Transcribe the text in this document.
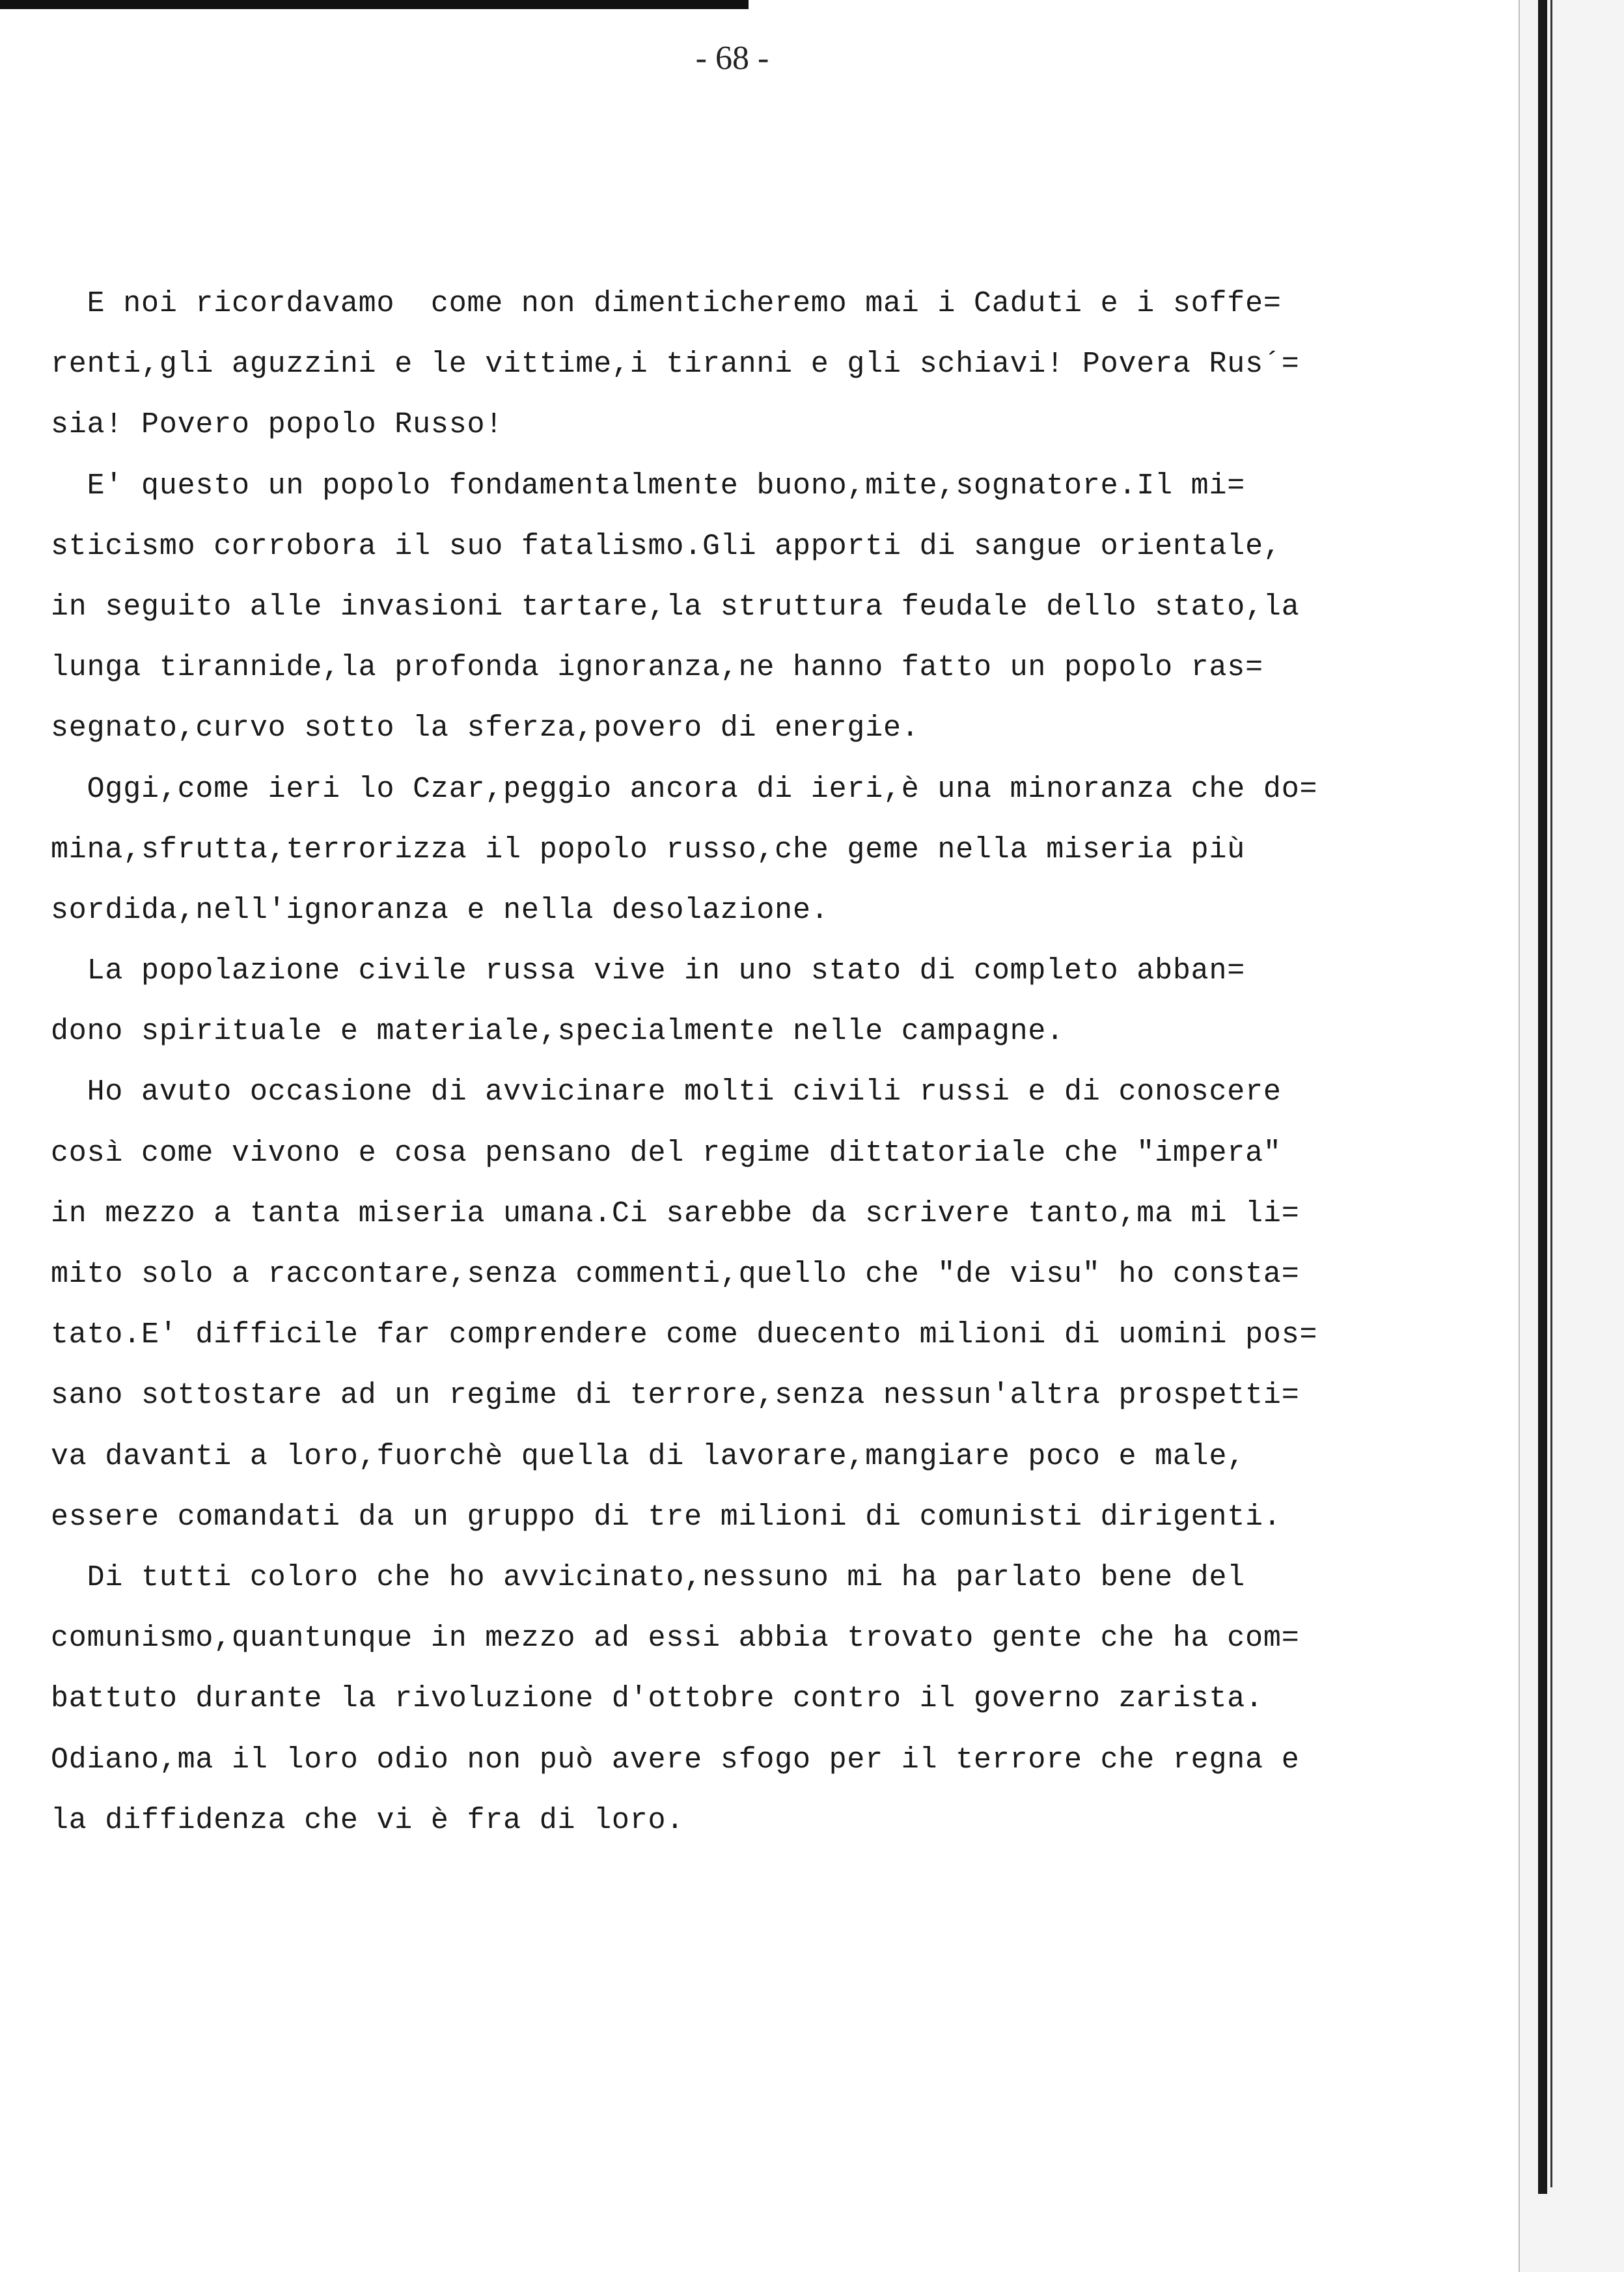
- 68 -
E noi ricordavamo  come non dimenticheremo mai i Caduti e i soffe=
renti,gli aguzzini e le vittime,i tiranni e gli schiavi! Povera Rus´=
sia! Povero popolo Russo!
E' questo un popolo fondamentalmente buono,mite,sognatore.Il mi=
sticismo corrobora il suo fatalismo.Gli apporti di sangue orientale,
in seguito alle invasioni tartare,la struttura feudale dello stato,la
lunga tirannide,la profonda ignoranza,ne hanno fatto un popolo ras=
segnato,curvo sotto la sferza,povero di energie.
Oggi,come ieri lo Czar,peggio ancora di ieri,è una minoranza che do=
mina,sfrutta,terrorizza il popolo russo,che geme nella miseria più
sordida,nell'ignoranza e nella desolazione.
La popolazione civile russa vive in uno stato di completo abban=
dono spirituale e materiale,specialmente nelle campagne.
Ho avuto occasione di avvicinare molti civili russi e di conoscere
così come vivono e cosa pensano del regime dittatoriale che "impera"
in mezzo a tanta miseria umana.Ci sarebbe da scrivere tanto,ma mi li=
mito solo a raccontare,senza commenti,quello che "de visu" ho consta=
tato.E' difficile far comprendere come duecento milioni di uomini pos=
sano sottostare ad un regime di terrore,senza nessun'altra prospetti=
va davanti a loro,fuorchè quella di lavorare,mangiare poco e male,
essere comandati da un gruppo di tre milioni di comunisti dirigenti.
Di tutti coloro che ho avvicinato,nessuno mi ha parlato bene del
comunismo,quantunque in mezzo ad essi abbia trovato gente che ha com=
battuto durante la rivoluzione d'ottobre contro il governo zarista.
Odiano,ma il loro odio non può avere sfogo per il terrore che regna e
la diffidenza che vi è fra di loro.
